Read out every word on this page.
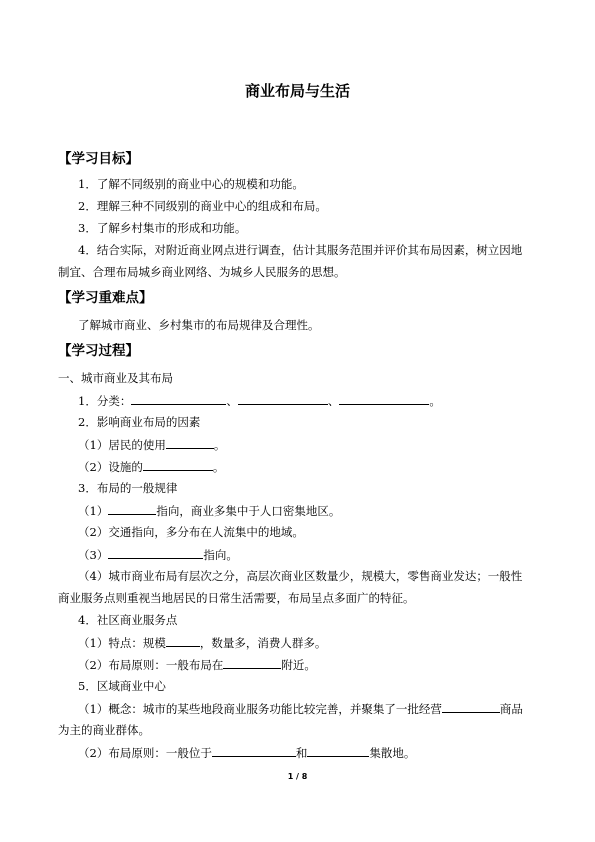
商业布局与生活
【学习目标】
1．了解不同级别的商业中心的规模和功能。
2．理解三种不同级别的商业中心的组成和布局。
3．了解乡村集市的形成和功能。
4．结合实际，对附近商业网点进行调查，估计其服务范围并评价其布局因素，树立因地
制宜、合理布局城乡商业网络、为城乡人民服务的思想。
【学习重难点】
了解城市商业、乡村集市的布局规律及合理性。
【学习过程】
一、城市商业及其布局
1．分类：	、	、	。
2．影响商业布局的因素
（1）居民的使用	。
（2）设施的	。
3．布局的一般规律
（1）	指向，商业多集中于人口密集地区。
（2）交通指向，多分布在人流集中的地域。
（3）	指向。
（4）城市商业布局有层次之分，高层次商业区数量少，规模大，零售商业发达；一般性
商业服务点则重视当地居民的日常生活需要，布局呈点多面广的特征。
4．社区商业服务点
（1）特点：规模	，数量多，消费人群多。
（2）布局原则：一般布局在	附近。
5．区域商业中心
（1）概念：城市的某些地段商业服务功能比较完善，并聚集了一批经营	商品
为主的商业群体。
（2）布局原则：一般位于	和	集散地。
1 / 8
